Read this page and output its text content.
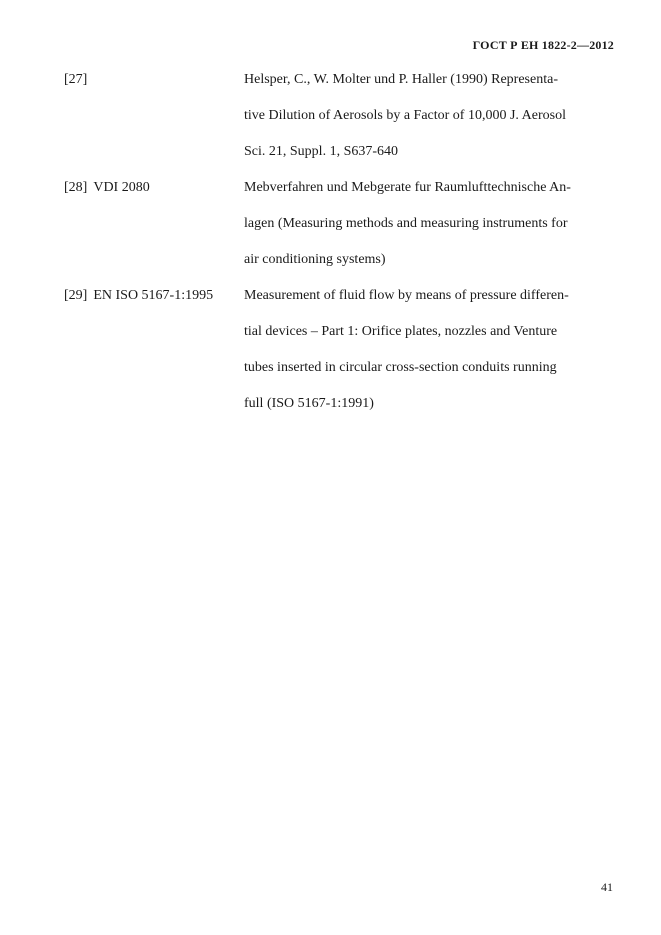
ГОСТ Р ЕН 1822-2—2012
[27]	Helsper, C., W. Molter und P. Haller (1990) Representa-
tive Dilution of Aerosols by a Factor of 10,000 J. Aerosol
Sci. 21, Suppl. 1, S637-640

[28] VDI 2080	Mebverfahren und Mebgerate fur Raumlufttechnische An-
lagen (Measuring methods and measuring instruments for
air conditioning systems)

[29] EN ISO 5167-1:1995	Measurement of fluid flow by means of pressure differen-
tial devices – Part 1: Orifice plates, nozzles and Venture
tubes inserted in circular cross-section conduits running
full (ISO 5167-1:1991)

41
